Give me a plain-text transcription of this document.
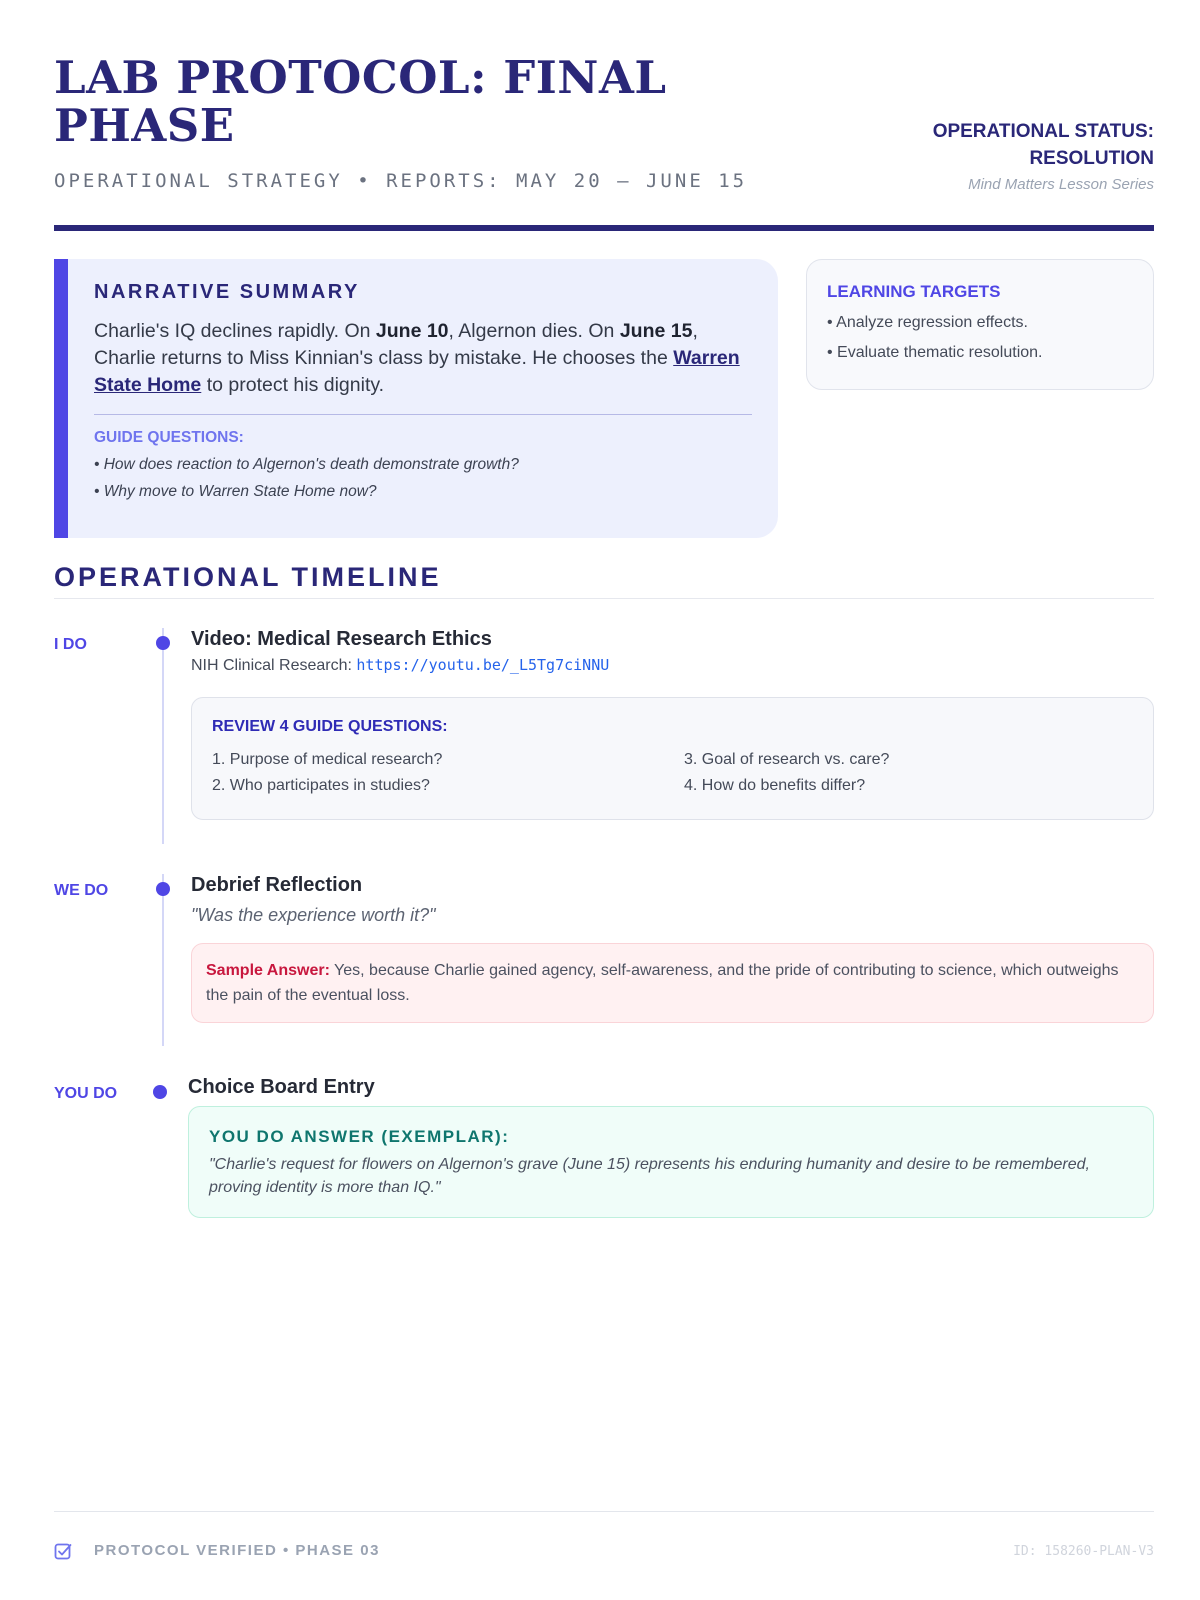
LAB PROTOCOL: FINAL PHASE
OPERATIONAL STRATEGY • REPORTS: MAY 20 – JUNE 15
OPERATIONAL STATUS: RESOLUTION
Mind Matters Lesson Series
NARRATIVE SUMMARY
Charlie's IQ declines rapidly. On June 10, Algernon dies. On June 15, Charlie returns to Miss Kinnian's class by mistake. He chooses the Warren State Home to protect his dignity.
GUIDE QUESTIONS:
• How does reaction to Algernon's death demonstrate growth?
• Why move to Warren State Home now?
LEARNING TARGETS
• Analyze regression effects.
• Evaluate thematic resolution.
OPERATIONAL TIMELINE
I DO	Video: Medical Research Ethics
NIH Clinical Research: https://youtu.be/_L5Tg7ciNNU
REVIEW 4 GUIDE QUESTIONS:
1. Purpose of medical research?
2. Who participates in studies?
3. Goal of research vs. care?
4. How do benefits differ?
WE DO	Debrief Reflection
"Was the experience worth it?"
Sample Answer: Yes, because Charlie gained agency, self-awareness, and the pride of contributing to science, which outweighs the pain of the eventual loss.
YOU DO	Choice Board Entry
YOU DO ANSWER (EXEMPLAR):
"Charlie's request for flowers on Algernon's grave (June 15) represents his enduring humanity and desire to be remembered, proving identity is more than IQ."
PROTOCOL VERIFIED • PHASE 03	ID: 158260-PLAN-V3
